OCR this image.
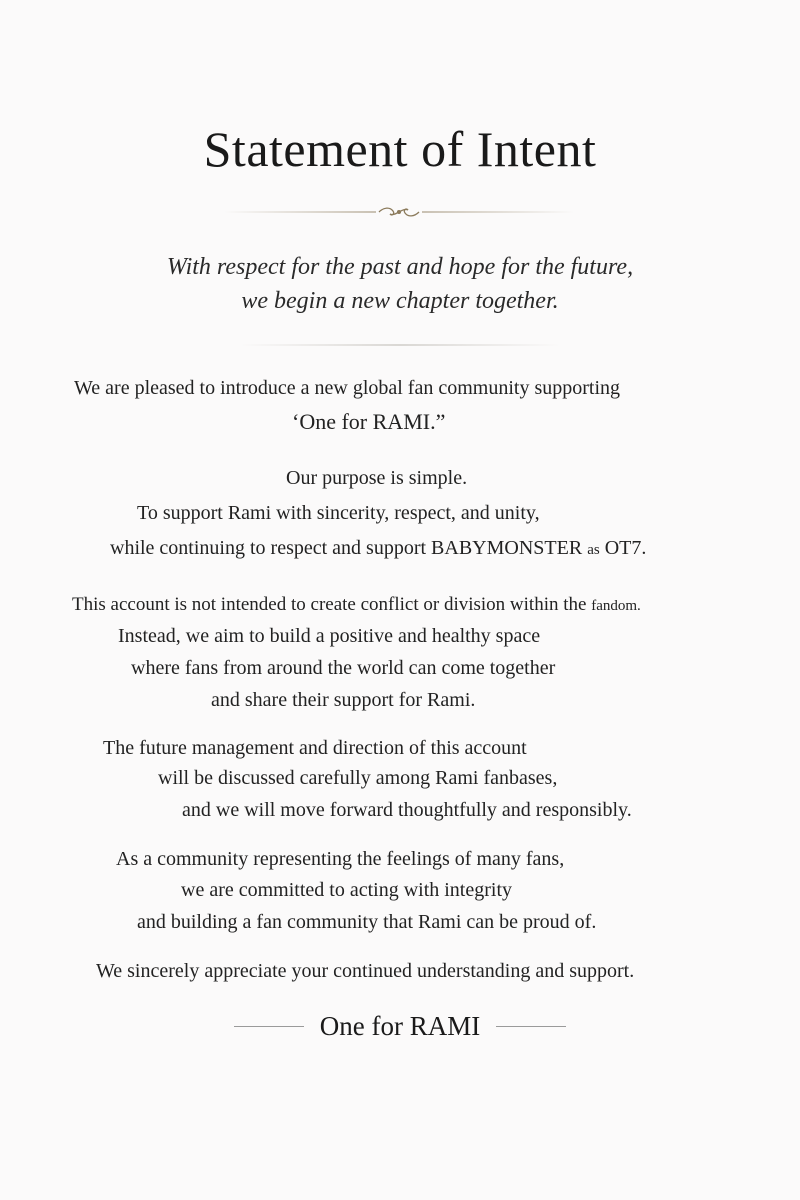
Statement of Intent
With respect for the past and hope for the future,
we begin a new chapter together.
We are pleased to introduce a new global fan community supporting
‘One for RAMI.”
Our purpose is simple.
To support Rami with sincerity, respect, and unity,
while continuing to respect and support BABYMONSTER as OT7.
This account is not intended to create conflict or division within the fandom.
Instead, we aim to build a positive and healthy space
where fans from around the world can come together
and share their support for Rami.
The future management and direction of this account
will be discussed carefully among Rami fanbases,
and we will move forward thoughtfully and responsibly.
As a community representing the feelings of many fans,
we are committed to acting with integrity
and building a fan community that Rami can be proud of.
We sincerely appreciate your continued understanding and support.
One for RAMI
